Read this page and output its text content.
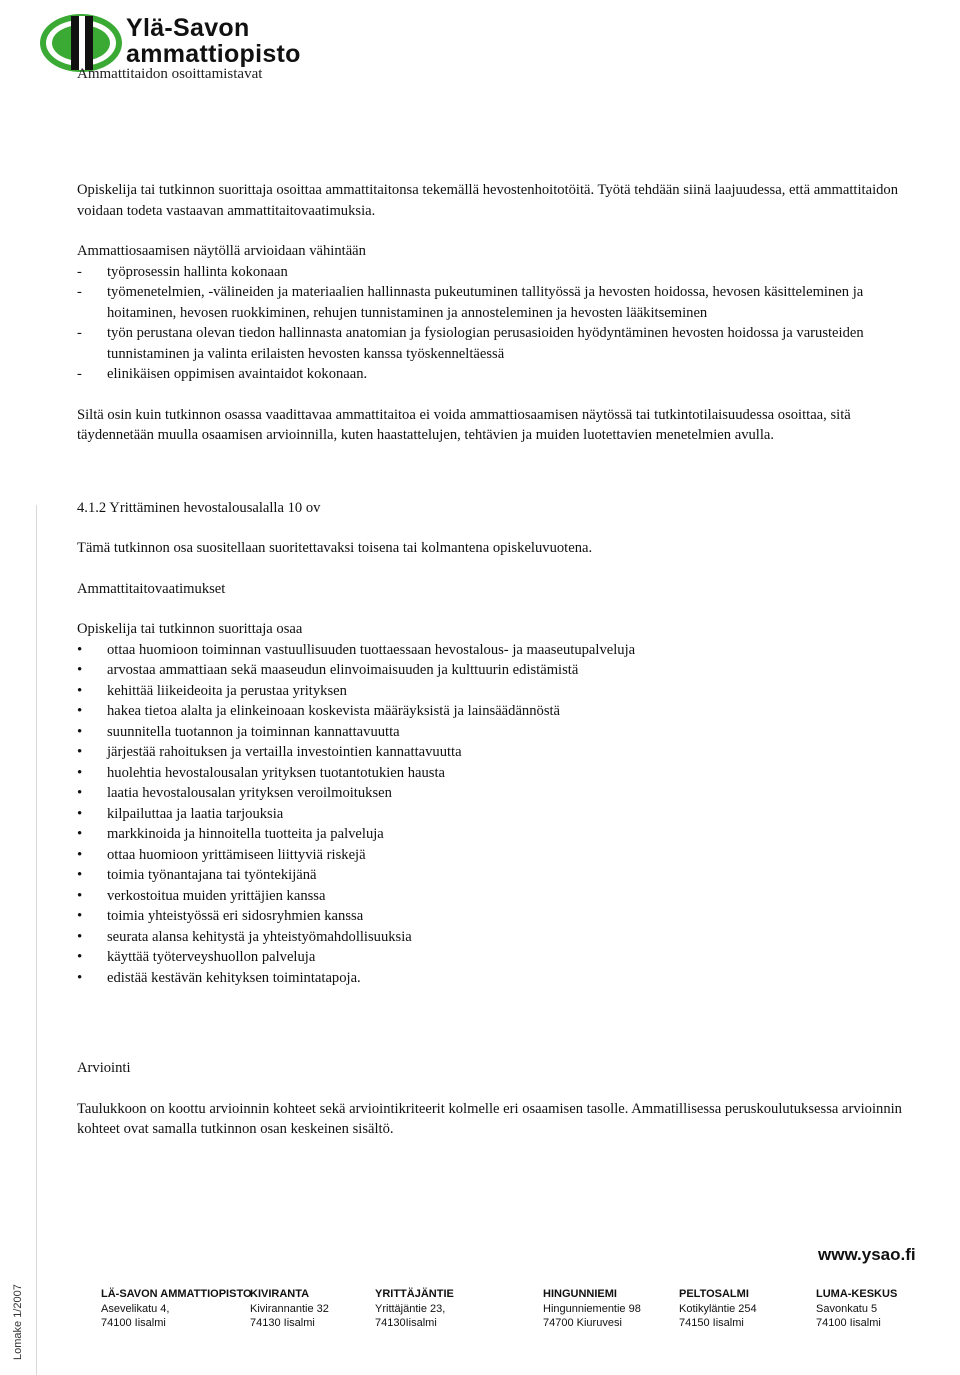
Ylä-Savon
ammattiopisto
Ammattitaidon osoittamistavat

Opiskelija tai tutkinnon suorittaja osoittaa ammattitaitonsa tekemällä hevostenhoitotöitä. Työtä tehdään siinä laajuudessa, että ammattitaidon voidaan todeta vastaavan ammattitaitovaatimuksia.

Ammattiosaamisen näytöllä arvioidaan vähintään

-	työprosessin hallinta kokonaan
-	työmenetelmien, -välineiden ja materiaalien hallinnasta pukeutuminen tallityössä ja hevosten hoidossa, hevosen käsitteleminen ja hoitaminen, hevosen ruokkiminen, rehujen tunnistaminen ja annosteleminen ja hevosten lääkitseminen
-	työn perustana olevan tiedon hallinnasta anatomian ja fysiologian perusasioiden hyödyntäminen hevosten hoidossa ja varusteiden tunnistaminen ja valinta erilaisten hevosten kanssa työskenneltäessä
-	elinikäisen oppimisen avaintaidot kokonaan.

Siltä osin kuin tutkinnon osassa vaadittavaa ammattitaitoa ei voida ammattiosaamisen näytössä tai tutkintotilaisuudessa osoittaa, sitä täydennetään muulla osaamisen arvioinnilla, kuten haastattelujen, tehtävien ja muiden luotettavien menetelmien avulla.

4.1.2 Yrittäminen hevostalousalalla 10 ov

Tämä tutkinnon osa suositellaan suoritettavaksi toisena tai kolmantena opiskeluvuotena.

Ammattitaitovaatimukset

Opiskelija tai tutkinnon suorittaja osaa

• ottaa huomioon toiminnan vastuullisuuden tuottaessaan hevostalous- ja maaseutupalveluja
• arvostaa ammattiaan sekä maaseudun elinvoimaisuuden ja kulttuurin edistämistä
• kehittää liikeideoita ja perustaa yrityksen
• hakea tietoa alalta ja elinkeinoaan koskevista määräyksistä ja lainsäädännöstä
• suunnitella tuotannon ja toiminnan kannattavuutta
• järjestää rahoituksen ja vertailla investointien kannattavuutta
• huolehtia hevostalousalan yrityksen tuotantotukien hausta
• laatia hevostalousalan yrityksen veroilmoituksen
• kilpailuttaa ja laatia tarjouksia
• markkinoida ja hinnoitella tuotteita ja palveluja
• ottaa huomioon yrittämiseen liittyviä riskejä
• toimia työnantajana tai työntekijänä
• verkostoitua muiden yrittäjien kanssa
• toimia yhteistyössä eri sidosryhmien kanssa
• seurata alansa kehitystä ja yhteistyömahdollisuuksia
• käyttää työterveyshuollon palveluja
• edistää kestävän kehityksen toimintatapoja.

Arviointi

Taulukkoon on koottu arvioinnin kohteet sekä arviointikriteerit kolmelle eri osaamisen tasolle. Ammatillisessa peruskoulutuksessa arvioinnin kohteet ovat samalla tutkinnon osan keskeinen sisältö.

www.ysao.fi
Lomake 1/2007	LÄ-SAVON AMMATTIOPISTO
Asevelikatu 4,
74100 Iisalmi
KIVIRANTA
Kivirannantie 32
74130 Iisalmi
YRITTÄJÄNTIE
Yrittäjäntie 23,
74130Iisalmi
HINGUNNIEMI
Hingunniementie 98
74700 Kiuruvesi
PELTOSALMI
Kotikyläntie 254
74150 Iisalmi
LUMA-KESKUS
Savonkatu 5
74100 Iisalmi
